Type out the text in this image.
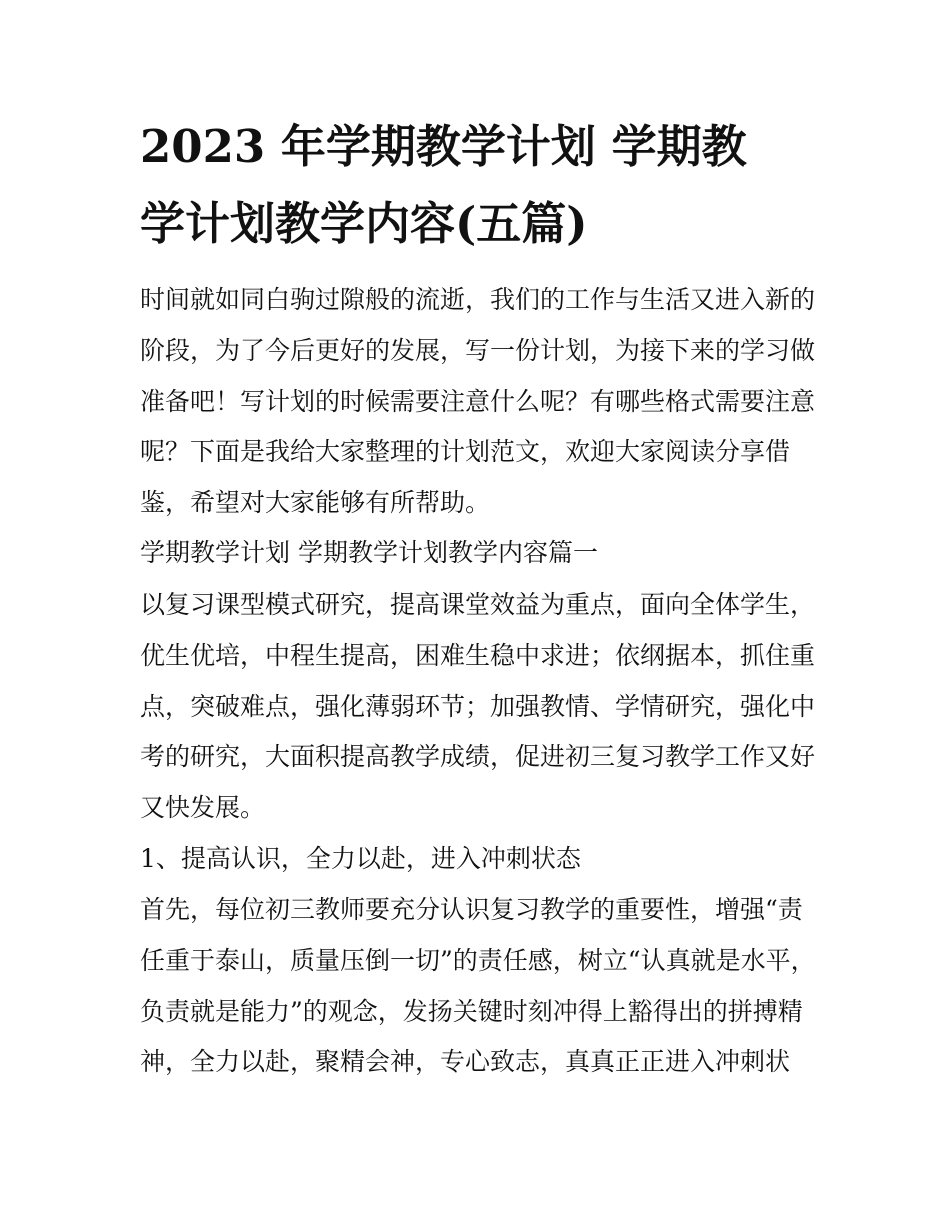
2023 年学期教学计划 学期教
学计划教学内容(五篇)
时间就如同白驹过隙般的流逝，我们的工作与生活又进入新的
阶段，为了今后更好的发展，写一份计划，为接下来的学习做
准备吧！写计划的时候需要注意什么呢？有哪些格式需要注意
呢？下面是我给大家整理的计划范文，欢迎大家阅读分享借
鉴，希望对大家能够有所帮助。
学期教学计划 学期教学计划教学内容篇一
以复习课型模式研究，提高课堂效益为重点，面向全体学生，
优生优培，中程生提高，困难生稳中求进；依纲据本，抓住重
点，突破难点，强化薄弱环节；加强教情、学情研究，强化中
考的研究，大面积提高教学成绩，促进初三复习教学工作又好
又快发展。
1、提高认识，全力以赴，进入冲刺状态
首先，每位初三教师要充分认识复习教学的重要性，增强“责
任重于泰山，质量压倒一切”的责任感，树立“认真就是水平，
负责就是能力”的观念，发扬关键时刻冲得上豁得出的拼搏精
神，全力以赴，聚精会神，专心致志，真真正正进入冲刺状
